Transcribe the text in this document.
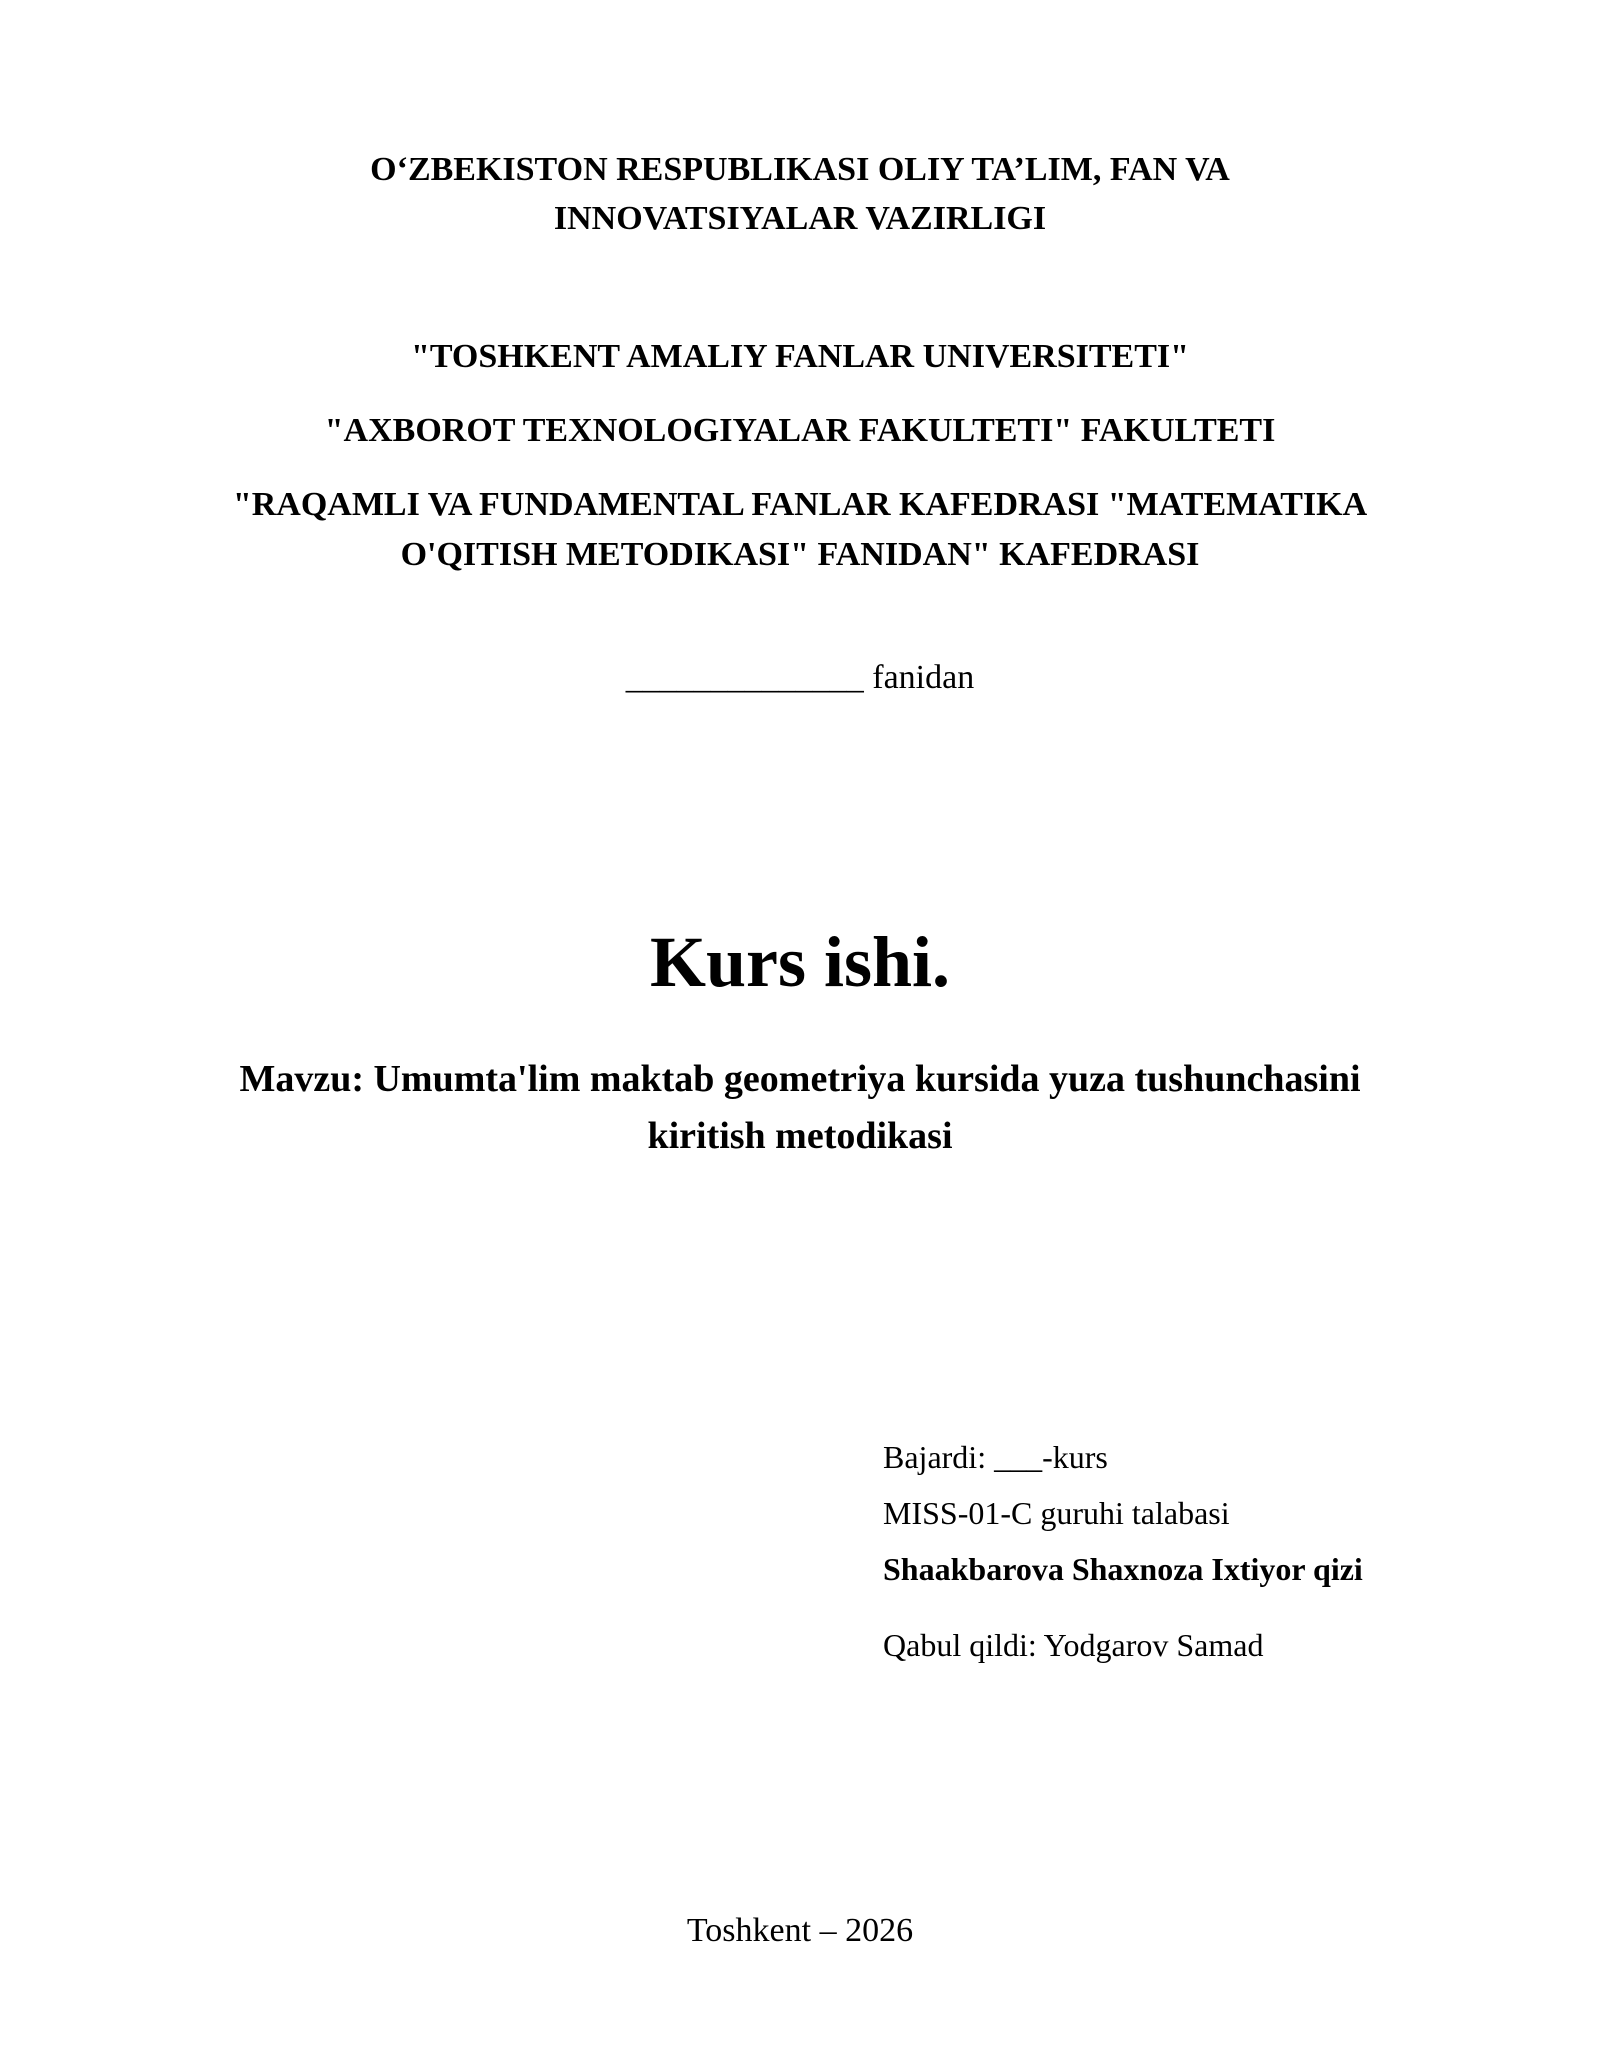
O‘ZBEKISTON RESPUBLIKASI OLIY TA’LIM, FAN VA
INNOVATSIYALAR VAZIRLIGI
"TOSHKENT AMALIY FANLAR UNIVERSITETI"
"AXBOROT TEXNOLOGIYALAR FAKULTETI" FAKULTETI
"RAQAMLI VA FUNDAMENTAL FANLAR KAFEDRASI "MATEMATIKA
O'QITISH METODIKASI" FANIDAN" KAFEDRASI
______________ fanidan
Kurs ishi.
Mavzu: Umumta'lim maktab geometriya kursida yuza tushunchasini
kiritish metodikasi
Bajardi: ___-kurs
MISS-01-C guruhi talabasi
Shaakbarova Shaxnoza Ixtiyor qizi
Qabul qildi: Yodgarov Samad
Toshkent – 2026
